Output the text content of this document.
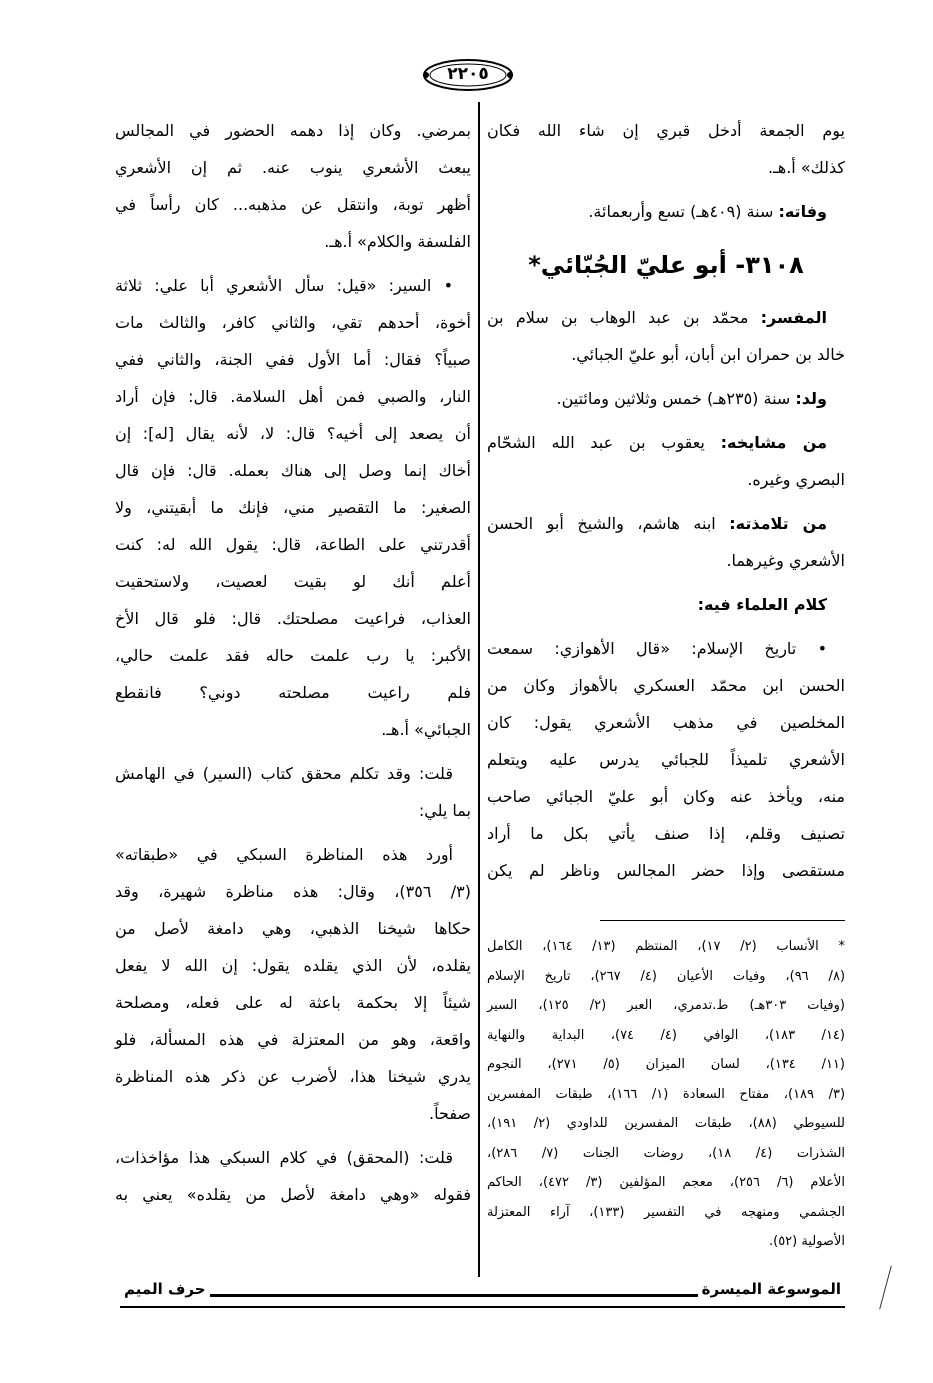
٢٢٠٥
يوم الجمعة أدخل قبري إن شاء الله فكان
كذلك» أ.هـ.
وفاته: سنة (٤٠٩هـ) تسع وأربعمائة.
٣١٠٨- أبو عليّ الجُبّائي*
المفسر: محمّد بن عبد الوهاب بن سلام بن
خالد بن حمران ابن أبان، أبو عليّ الجبائي.
ولد: سنة (٢٣٥هـ) خمس وثلاثين ومائتين.
من مشايخه: يعقوب بن عبد الله الشحّام
البصري وغيره.
من تلامذته: ابنه هاشم، والشيخ أبو الحسن
الأشعري وغيرهما.
كلام العلماء فيه:
• تاريخ الإسلام: «قال الأهوازي: سمعت
الحسن ابن محمّد العسكري بالأهواز وكان من
المخلصين في مذهب الأشعري يقول: كان
الأشعري تلميذاً للجبائي يدرس عليه ويتعلم
منه، ويأخذ عنه وكان أبو عليّ الجبائي صاحب
تصنيف وقلم، إذا صنف يأتي بكل ما أراد
مستقصى وإذا حضر المجالس وناظر لم يكن
* الأنساب (٢/ ١٧)، المنتظم (١٣/ ١٦٤)، الكامل
(٨/ ٩٦)، وفيات الأعيان (٤/ ٢٦٧)، تاريخ الإسلام
(وفيات ٣٠٣هـ) ط.تدمري، العبر (٢/ ١٢٥)، السير
(١٤/ ١٨٣)، الوافي (٤/ ٧٤)، البداية والنهاية
(١١/ ١٣٤)، لسان الميزان (٥/ ٢٧١)، النجوم
(٣/ ١٨٩)، مفتاح السعادة (١/ ١٦٦)، طبقات المفسرين
للسيوطي (٨٨)، طبقات المفسرين للداودي (٢/ ١٩١)،
الشذرات (٤/ ١٨)، روضات الجنات (٧/ ٢٨٦)،
الأعلام (٦/ ٢٥٦)، معجم المؤلفين (٣/ ٤٧٢)، الحاكم
الجشمي ومنهجه في التفسير (١٣٣)، آراء المعتزلة
الأصولية (٥٢).
بمرضي. وكان إذا دهمه الحضور في المجالس
يبعث الأشعري ينوب عنه. ثم إن الأشعري
أظهر توبة، وانتقل عن مذهبه... كان رأساً في
الفلسفة والكلام» أ.هـ.
• السير: «قيل: سأل الأشعري أبا علي: ثلاثة
أخوة، أحدهم تقي، والثاني كافر، والثالث مات
صبياً؟ فقال: أما الأول ففي الجنة، والثاني ففي
النار، والصبي فمن أهل السلامة. قال: فإن أراد
أن يصعد إلى أخيه؟ قال: لا، لأنه يقال [له]: إن
أخاك إنما وصل إلى هناك بعمله. قال: فإن قال
الصغير: ما التقصير مني، فإنك ما أبقيتني، ولا
أقدرتني على الطاعة، قال: يقول الله له: كنت
أعلم أنك لو بقيت لعصيت، ولاستحقيت
العذاب، فراعيت مصلحتك. قال: فلو قال الأخ
الأكبر: يا رب علمت حاله فقد علمت حالي،
فلم راعيت مصلحته دوني؟ فانقطع
الجبائي» أ.هـ.
قلت: وقد تكلم محقق كتاب (السير) في الهامش
بما يلي:
أورد هذه المناظرة السبكي في «طبقاته»
(٣/ ٣٥٦)، وقال: هذه مناظرة شهيرة، وقد
حكاها شيخنا الذهبي، وهي دامغة لأصل من
يقلده، لأن الذي يقلده يقول: إن الله لا يفعل
شيئاً إلا بحكمة باعثة له على فعله، ومصلحة
واقعة، وهو من المعتزلة في هذه المسألة، فلو
يدري شيخنا هذا، لأضرب عن ذكر هذه المناظرة
صفحاً.
قلت: (المحقق) في كلام السبكي هذا مؤاخذات،
فقوله «وهي دامغة لأصل من يقلده» يعني به
الموسوعة الميسرة
حرف الميم
